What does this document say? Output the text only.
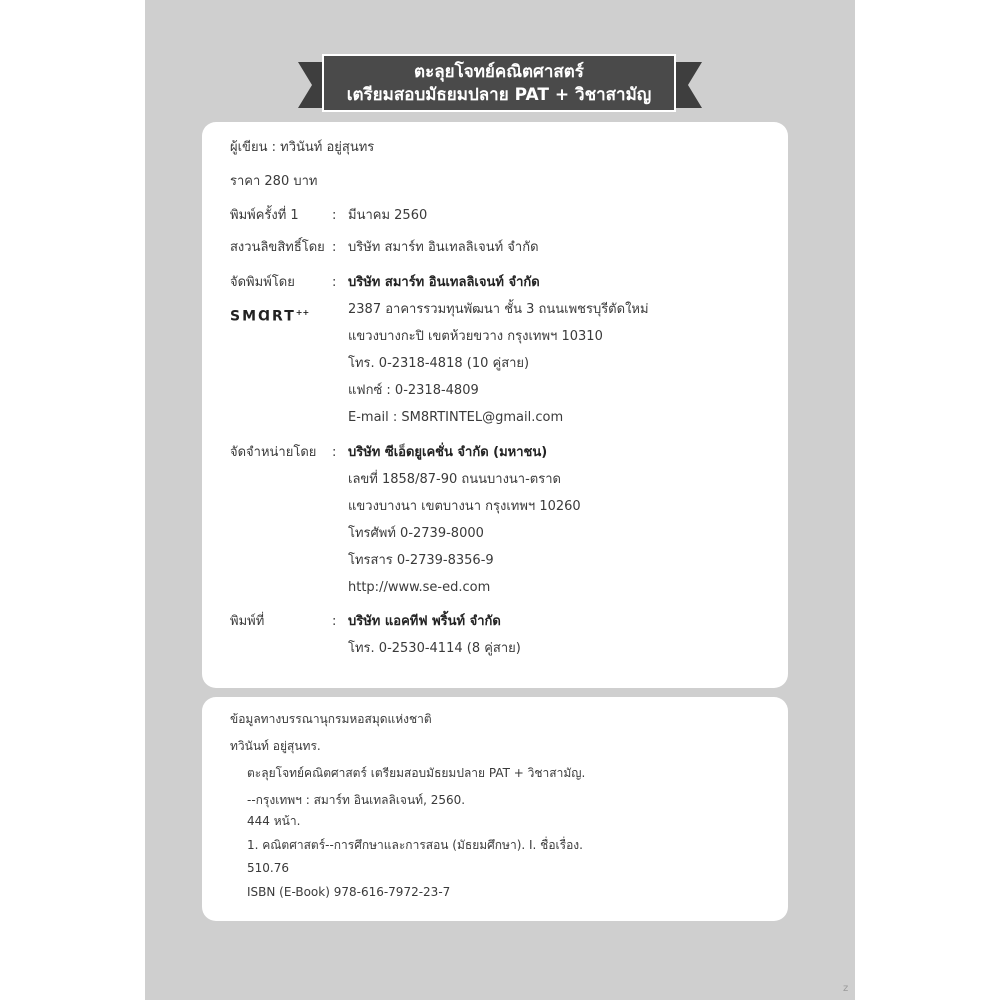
ตะลุยโจทย์คณิตศาสตร์
เตรียมสอบมัธยมปลาย PAT + วิชาสามัญ
ผู้เขียน : ทวินันท์ อยู่สุนทร
ราคา 280 บาท
พิมพ์ครั้งที่ 1	: มีนาคม 2560
สงวนลิขสิทธิ์โดย : บริษัท สมาร์ท อินเทลลิเจนท์ จำกัด
จัดพิมพ์โดย	: บริษัท สมาร์ท อินเทลลิเจนท์ จำกัด
SMⱭRT++	2387 อาคารรวมทุนพัฒนา ชั้น 3 ถนนเพชรบุรีตัดใหม่
แขวงบางกะปิ เขตห้วยขวาง กรุงเทพฯ 10310
โทร. 0-2318-4818 (10 คู่สาย)
แฟกซ์ : 0-2318-4809
E-mail : SM8RTINTEL@gmail.com
จัดจำหน่ายโดย : บริษัท ซีเอ็ดยูเคชั่น จำกัด (มหาชน)
เลขที่ 1858/87-90 ถนนบางนา-ตราด
แขวงบางนา เขตบางนา กรุงเทพฯ 10260
โทรศัพท์ 0-2739-8000
โทรสาร 0-2739-8356-9
http://www.se-ed.com
พิมพ์ที่	: บริษัท แอคทีฟ พริ้นท์ จำกัด
โทร. 0-2530-4114 (8 คู่สาย)
ข้อมูลทางบรรณานุกรมหอสมุดแห่งชาติ
ทวินันท์ อยู่สุนทร.
ตะลุยโจทย์คณิตศาสตร์ เตรียมสอบมัธยมปลาย PAT + วิชาสามัญ.
--กรุงเทพฯ : สมาร์ท อินเทลลิเจนท์, 2560.
444 หน้า.
1. คณิตศาสตร์--การศึกษาและการสอน (มัธยมศึกษา). I. ชื่อเรื่อง.
510.76
ISBN (E-Book) 978-616-7972-23-7
z
